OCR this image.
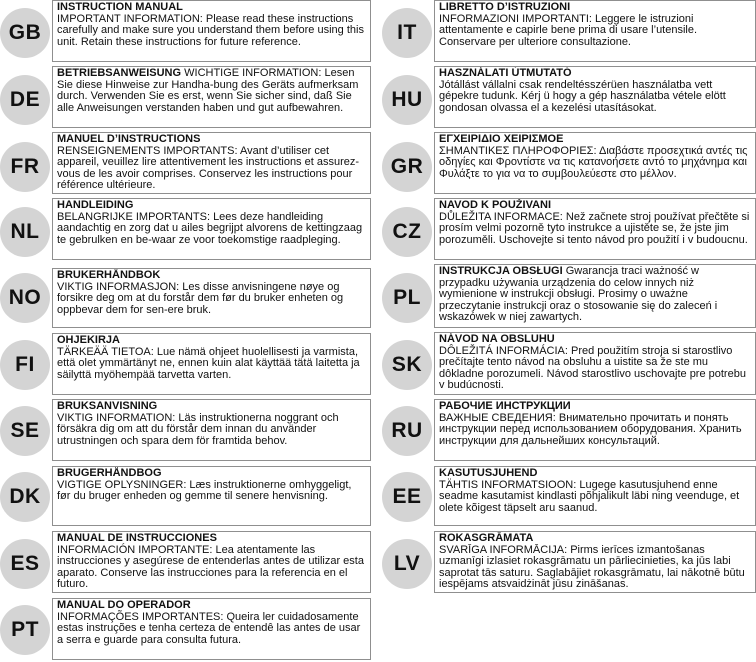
GB
INSTRUCTION MANUAL
IMPORTANT INFORMATION: Please read these instructions carefully and make sure you understand them before using this unit. Retain these instructions for future reference.
DE
BETRIEBSANWEISUNG WICHTIGE INFORMATION: Lesen Sie diese Hinweise zur Handha-bung des Geräts aufmerksam durch. Verwenden Sie es erst, wenn Sie sicher sind, daß Sie alle Anweisungen verstanden haben und gut aufbewahren.
FR
MANUEL D’INSTRUCTIONS
RENSEIGNEMENTS IMPORTANTS: Avant d’utiliser cet appareil, veuillez lire attentivement les instructions et assurez-vous de les avoir comprises. Conservez les instructions pour référence ultérieure.
NL
HANDLEIDING
BELANGRIJKE IMPORTANTS: Lees deze handleiding aandachtig en zorg dat u ailes begrijpt alvorens de kettingzaag te gebrulken en be-waar ze voor toekomstige raadpleging.
NO
BRUKERHÅNDBOK
VIKTIG INFORMASJON: Les disse anvisningene nøye og forsikre deg om at du forstår dem før du bruker enheten og oppbevar dem for sen-ere bruk.
FI
OHJEKIRJA
TÄRKEÄÄ TIETOA: Lue nämä ohjeet huolellisesti ja varmista, että olet ymmärtänyt ne, ennen kuin alat käyttää tätä laitetta ja säilyttä myöhempää tarvetta varten.
SE
BRUKSANVISNING
VIKTIG INFORMATION: Läs instruktionerna noggrant och försäkra dig om att du förstår dem innan du använder utrustningen och spara dem för framtida behov.
DK
BRUGERHÅNDBOG
VIGTIGE OPLYSNINGER: Læs instruktionerne omhyggeligt, før du bruger enheden og gemme til senere henvisning.
ES
MANUAL DE INSTRUCCIONES
INFORMACIÓN IMPORTANTE: Lea atentamente las instrucciones y asegúrese de entenderlas antes de utilizar esta aparato. Conserve las instrucciones para la referencia en el futuro.
PT
MANUAL DO OPERADOR
INFORMAÇÕES IMPORTANTES: Queira ler cuidadosamente estas instruções e tenha certeza de entendê las antes de usar a serra e guarde para consulta futura.
IT
LIBRETTO D’ISTRUZIONI
INFORMAZIONI IMPORTANTI: Leggere le istruzioni attentamente e capirle bene prima di usare l’utensile. Conservare per ulteriore consultazione.
HU
HASZNÁLATI ÚTMUTATÓ
Jótállást vállalni csak rendeltésszérüen használatba vett gépekre tudunk. Kérj ü hogy a gép használatba vétele elött gondosan olvassa el a kezelési utasításokat.
GR
ΕΓΧΕΙΡΙΔΙΟ ΧΕΙΡΙΣΜΟΕ
ΣΗΜΑΝΤΙΚΕΣ ΠΛΗΡΟΦΟΡΙΕΣ: Διαβάστε προσεχτικά αντές τις οδηγίες και Φροντίστε να τις κατανοήσετε αντό το μηχάνημα και Φυλάξτε το για να το συμβουλεύεστε στο μέλλον.
CZ
NAVOD K POUŽIVANI
DŮLEŽITA INFORMACE: Než začnete stroj používat přečtěte si prosím velmi pozorně tyto instrukce a ujistěte se, že jste jim porozuměli. Uschovejte si tento návod pro použití i v budoucnu.
PL
INSTRUKCJA OBSŁUGI Gwarancja traci ważność w przypadku używania urządzenia do celow innych niż wymienione w instrukcji obsługi. Prosimy o uważne przeczytanie instrukcji oraz o stosowanie się do zaleceń i wskazówek w niej zawartych.
SK
NÁVOD NA OBSLUHU
DÔLEŽITÁ INFORMÁCIA: Pred použitím stroja si starostlivo prečítajte tento návod na obsluhu a uistite sa že ste mu dôkladne porozumeli. Návod starostlivo uschovajte pre potrebu v budúcnosti.
RU
РАБОЧИЕ ИНСТРУКЦИИ
ВАЖНЫЕ СВЕДЕНИЯ: Внимательно прочитать и понять инструкции перед использованием оборудования. Хранить инструкции для дальнейших консультаций.
EE
KASUTUSJUHEND
TÄHTIS INFORMATSIOON: Lugege kasutusjuhend enne seadme kasutamist kindlasti põhjalikult läbi ning veenduge, et olete kõigest täpselt aru saanud.
LV
ROKASGRĀMATA
SVARĪGA INFORMĀCIJA: Pirms ierīces izmantošanas uzmanīgi izlasiet rokasgrāmatu un pārliecinieties, ka jūs labi saprotat tās saturu. Saglabājiet rokasgrāmatu, lai nākotnē būtu iespējams atsvaidżināt jūsu zināšanas.
